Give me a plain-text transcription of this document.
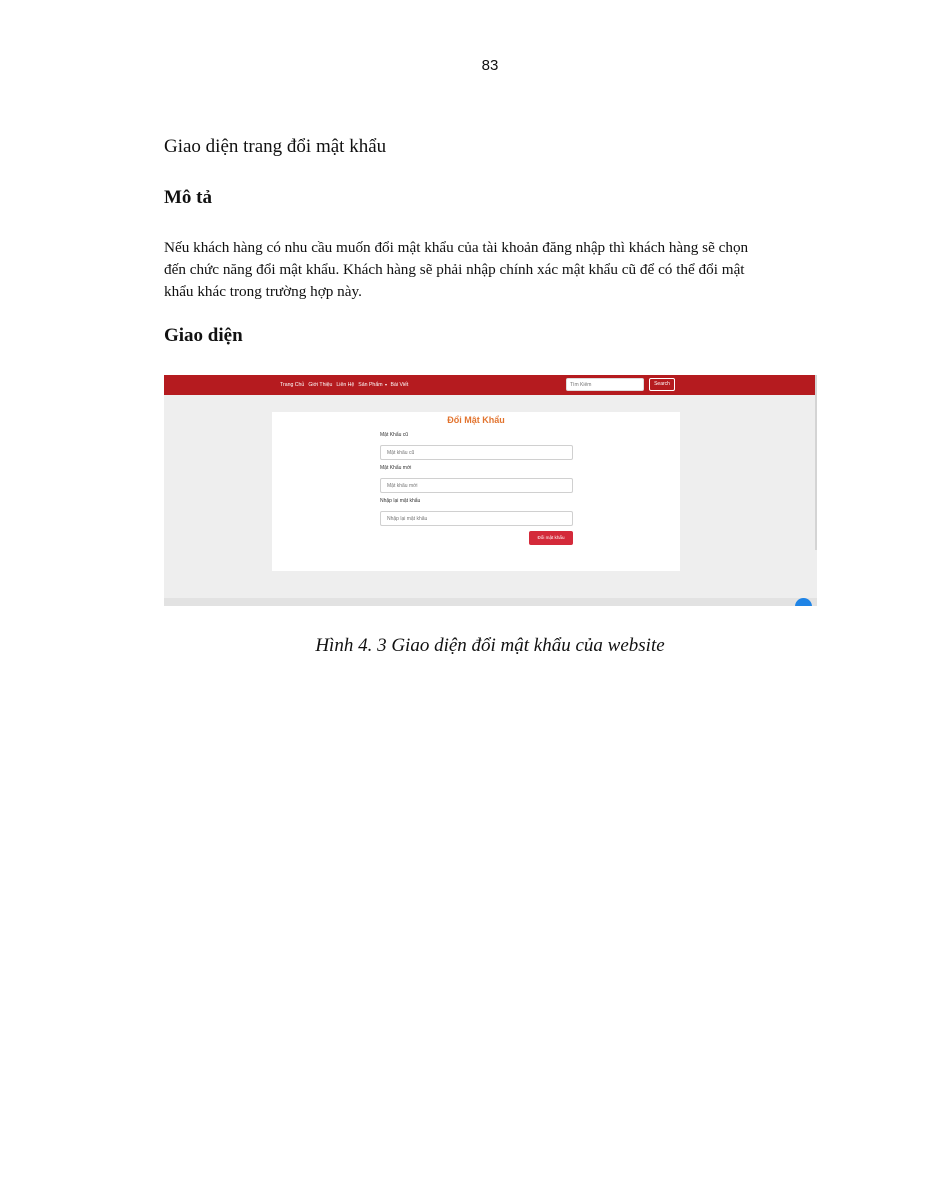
83
Giao diện trang đổi mật khẩu
Mô tả
Nếu khách hàng có nhu cầu muốn đổi mật khẩu của tài khoản đăng nhập thì khách hàng sẽ chọn
đến chức năng đổi mật khẩu. Khách hàng sẽ phải nhập chính xác mật khẩu cũ để có thể đổi mật
khẩu khác trong trường hợp này.
Giao diện
Trang Chủ Giới Thiệu Liên Hệ Sản Phẩm	Bài Viết
Tìm Kiếm	Search
Đổi Mật Khẩu
Mật Khẩu cũ
Mật Khẩu mới
Nhập lại mật khẩu
Đổi mật khẩu
Hình 4. 3 Giao diện đổi mật khẩu của website
